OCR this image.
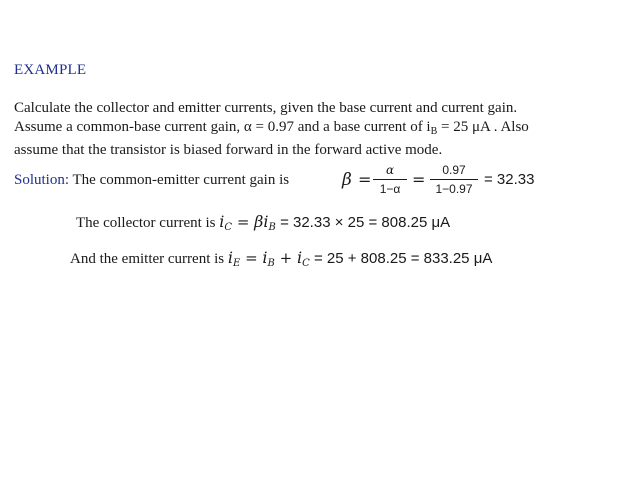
EXAMPLE
Calculate the collector and emitter currents, given the base current and current gain.
Assume a common-base current gain, α = 0.97 and a base current of $i_B = 25$ μA . Also
assume that the transistor is biased forward in the forward active mode.
Solution: The common-emitter current gain is	$\beta = \frac{\alpha}{1-\alpha} = \frac{0.97}{1-0.97} = 32.33$
The collector current is $i_C = \beta i_B = 32.33 \times 25 = 808.25$ μA
And the emitter current is $i_E = i_B + i_C = 25 + 808.25 = 833.25$ μA
